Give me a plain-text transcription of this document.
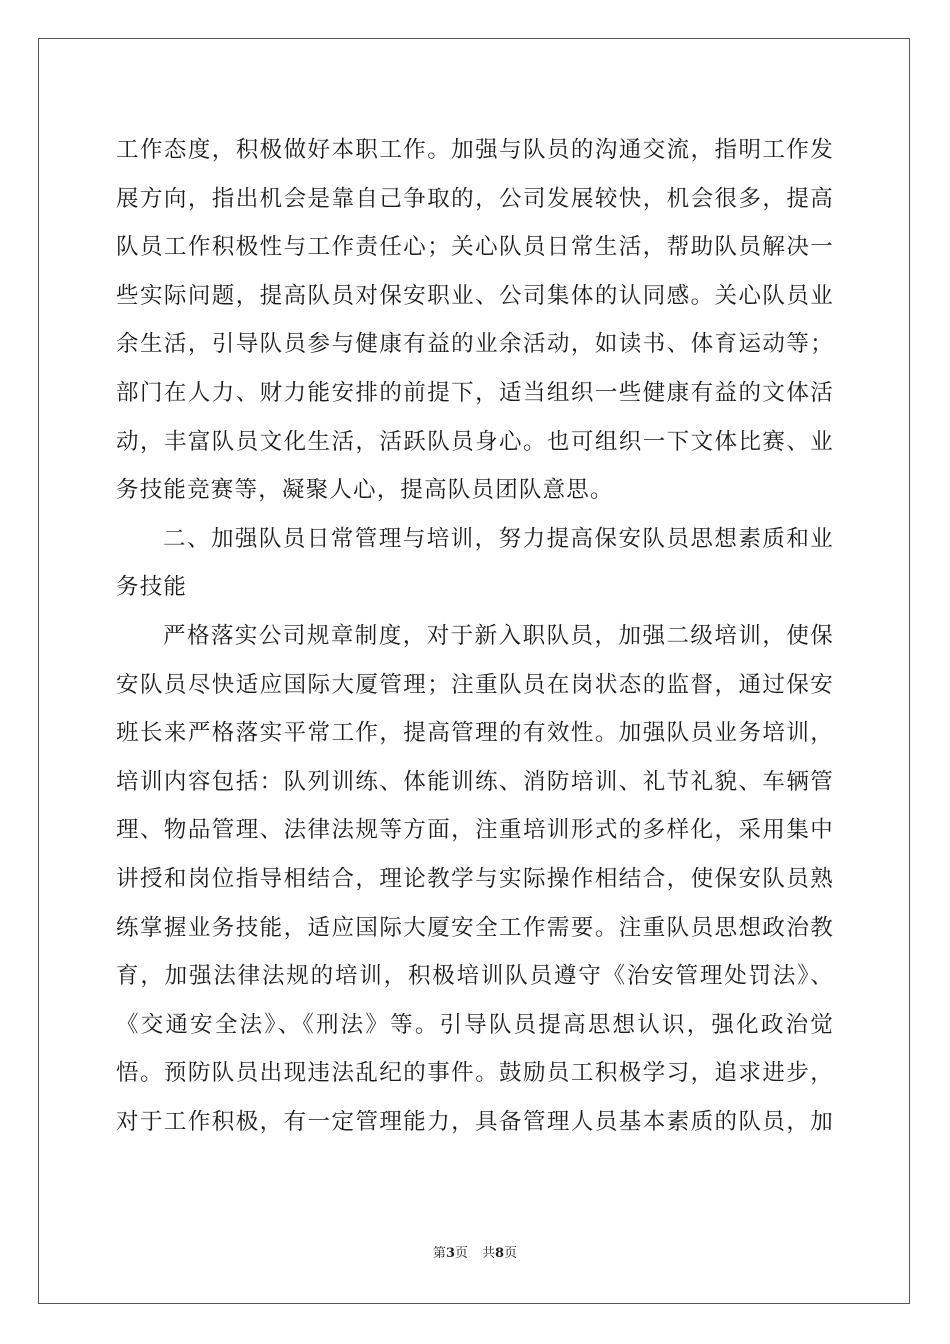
工作态度，积极做好本职工作。加强与队员的沟通交流，指明工作发
展方向，指出机会是靠自己争取的，公司发展较快，机会很多，提高
队员工作积极性与工作责任心；关心队员日常生活，帮助队员解决一
些实际问题，提高队员对保安职业、公司集体的认同感。关心队员业
余生活，引导队员参与健康有益的业余活动，如读书、体育运动等；
部门在人力、财力能安排的前提下，适当组织一些健康有益的文体活
动，丰富队员文化生活，活跃队员身心。也可组织一下文体比赛、业
务技能竞赛等，凝聚人心，提高队员团队意思。
二、加强队员日常管理与培训，努力提高保安队员思想素质和业
务技能
严格落实公司规章制度，对于新入职队员，加强二级培训，使保
安队员尽快适应国际大厦管理；注重队员在岗状态的监督，通过保安
班长来严格落实平常工作，提高管理的有效性。加强队员业务培训，
培训内容包括：队列训练、体能训练、消防培训、礼节礼貌、车辆管
理、物品管理、法律法规等方面，注重培训形式的多样化，采用集中
讲授和岗位指导相结合，理论教学与实际操作相结合，使保安队员熟
练掌握业务技能，适应国际大厦安全工作需要。注重队员思想政治教
育，加强法律法规的培训，积极培训队员遵守《治安管理处罚法》、
《交通安全法》、《刑法》等。引导队员提高思想认识，强化政治觉
悟。预防队员出现违法乱纪的事件。鼓励员工积极学习，追求进步，
对于工作积极，有一定管理能力，具备管理人员基本素质的队员，加
第3页 共8页
